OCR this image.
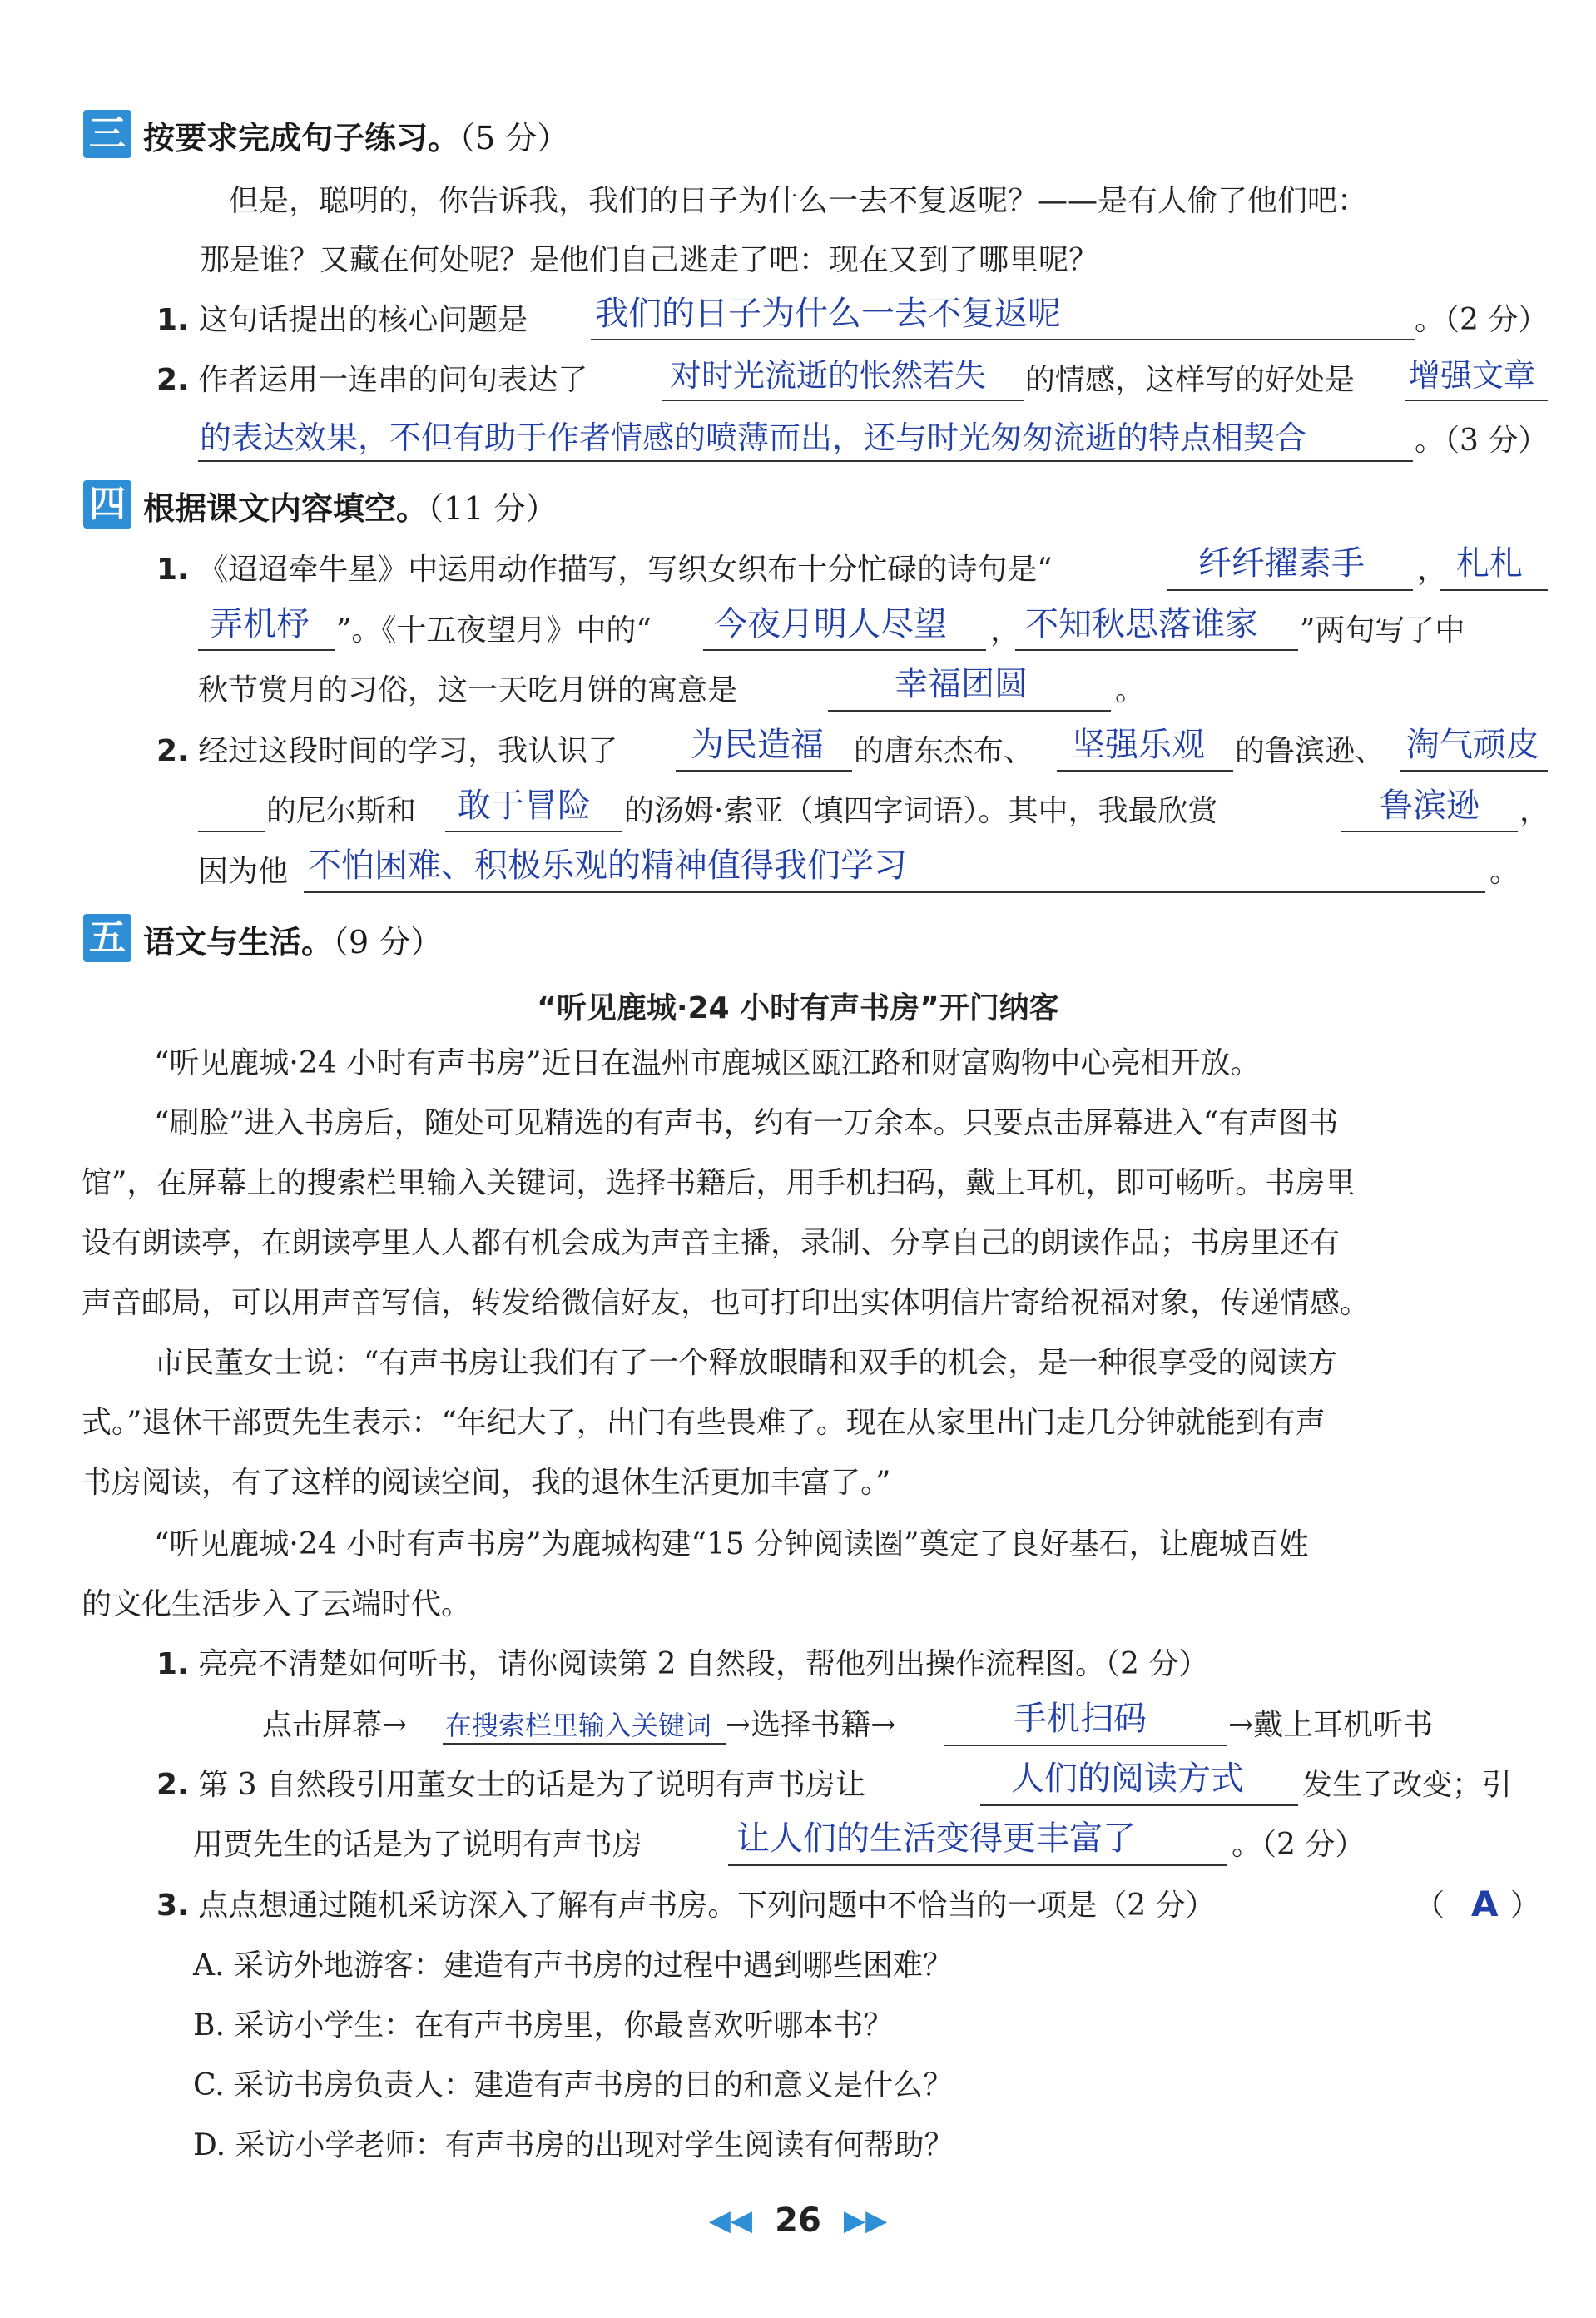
三 按要求完成句子练习。（5 分）
但是，聪明的，你告诉我，我们的日子为什么一去不复返呢？——是有人偷了他们吧：
那是谁？又藏在何处呢？是他们自己逃走了吧：现在又到了哪里呢？
1. 这句话提出的核心问题是 我们的日子为什么一去不复返呢	。（2 分）
2. 作者运用一连串的问句表达了	对时光流逝的怅然若失 的情感，这样写的好处是 增强文章
的表达效果，不但有助于作者情感的喷薄而出，还与时光匆匆流逝的特点相契合	。（3 分）
四 根据课文内容填空。（11 分）
1. 《迢迢牵牛星》中运用动作描写，写织女织布十分忙碌的诗句是“	纤纤擢素手 ， 札札
弄机杼 ”。《十五夜望月》中的“ 今夜月明人尽望 ， 不知秋思落谁家 ”两句写了中
秋节赏月的习俗，这一天吃月饼的寓意是	幸福团圆	。
2. 经过这段时间的学习，我认识了 为民造福 的唐东杰布、 坚强乐观 的鲁滨逊、 淘气顽皮
的尼尔斯和 敢于冒险 的汤姆·索亚（填四字词语）。其中，我最欣赏	鲁滨逊 ，
因为他 不怕困难、积极乐观的精神值得我们学习	。
五 语文与生活。（9 分）
“听见鹿城·24 小时有声书房”开门纳客
“听见鹿城·24 小时有声书房”近日在温州市鹿城区瓯江路和财富购物中心亮相开放。
“刷脸”进入书房后，随处可见精选的有声书，约有一万余本。只要点击屏幕进入“有声图书
馆”，在屏幕上的搜索栏里输入关键词，选择书籍后，用手机扫码，戴上耳机，即可畅听。书房里
设有朗读亭，在朗读亭里人人都有机会成为声音主播，录制、分享自己的朗读作品；书房里还有
声音邮局，可以用声音写信，转发给微信好友，也可打印出实体明信片寄给祝福对象，传递情感。
市民董女士说：“有声书房让我们有了一个释放眼睛和双手的机会，是一种很享受的阅读方
式。”退休干部贾先生表示：“年纪大了，出门有些畏难了。现在从家里出门走几分钟就能到有声
书房阅读，有了这样的阅读空间，我的退休生活更加丰富了。”
“听见鹿城·24 小时有声书房”为鹿城构建“15 分钟阅读圈”奠定了良好基石，让鹿城百姓
的文化生活步入了云端时代。
1. 亮亮不清楚如何听书，请你阅读第 2 自然段，帮他列出操作流程图。（2 分）
点击屏幕→ 在搜索栏里输入关键词 →选择书籍→	手机扫码	→戴上耳机听书
2. 第 3 自然段引用董女士的话是为了说明有声书房让	人们的阅读方式 发生了改变；引
用贾先生的话是为了说明有声书房	让人们的生活变得更丰富了	。（2 分）
3. 点点想通过随机采访深入了解有声书房。下列问题中不恰当的一项是（2 分）	（ A ）
A. 采访外地游客：建造有声书房的过程中遇到哪些困难？
B. 采访小学生：在有声书房里，你最喜欢听哪本书？
C. 采访书房负责人：建造有声书房的目的和意义是什么？
D. 采访小学老师：有声书房的出现对学生阅读有何帮助？
◀◀ 26 ▶▶
